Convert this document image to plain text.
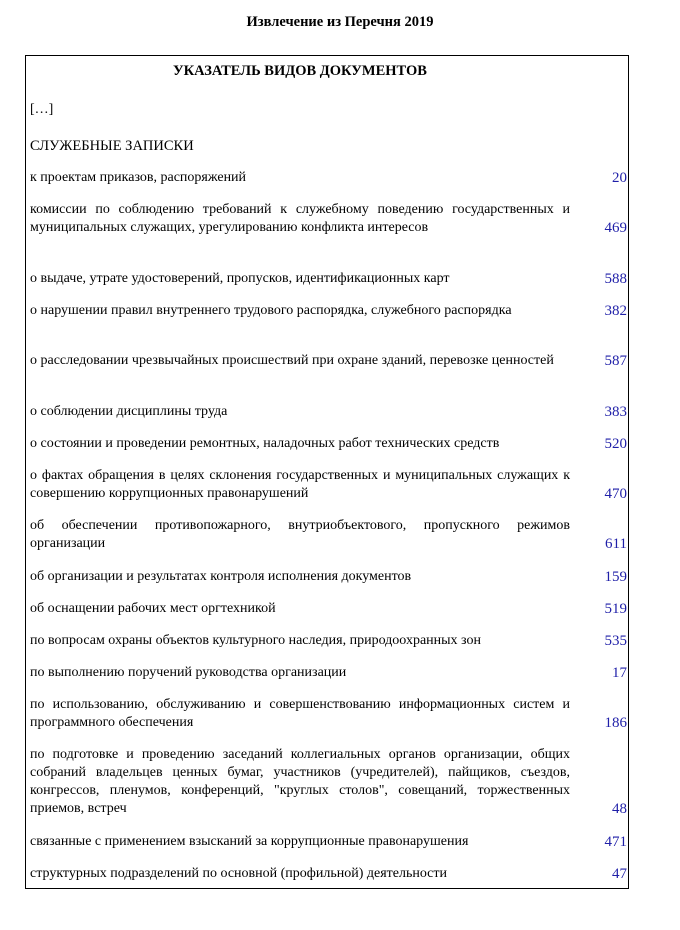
Извлечение из Перечня 2019
УКАЗАТЕЛЬ ВИДОВ ДОКУМЕНТОВ
[…]
СЛУЖЕБНЫЕ ЗАПИСКИ
к проектам приказов, распоряжений	20
комиссии по соблюдению требований к служебному поведению государственных и муниципальных служащих, урегулированию конфликта интересов	469
о выдаче, утрате удостоверений, пропусков, идентификационных карт	588
о нарушении правил внутреннего трудового распорядка, служебного распорядка	382
о расследовании чрезвычайных происшествий при охране зданий, перевозке ценностей	587
о соблюдении дисциплины труда	383
о состоянии и проведении ремонтных, наладочных работ технических средств	520
о фактах обращения в целях склонения государственных и муниципальных служащих к совершению коррупционных правонарушений	470
об обеспечении противопожарного, внутриобъектового, пропускного режимов организации	611
об организации и результатах контроля исполнения документов	159
об оснащении рабочих мест оргтехникой	519
по вопросам охраны объектов культурного наследия, природоохранных зон	535
по выполнению поручений руководства организации	17
по использованию, обслуживанию и совершенствованию информационных систем и программного обеспечения	186
по подготовке и проведению заседаний коллегиальных органов организации, общих собраний владельцев ценных бумаг, участников (учредителей), пайщиков, съездов, конгрессов, пленумов, конференций, "круглых столов", совещаний, торжественных приемов, встреч	48
связанные с применением взысканий за коррупционные правонарушения	471
структурных подразделений по основной (профильной) деятельности	47
